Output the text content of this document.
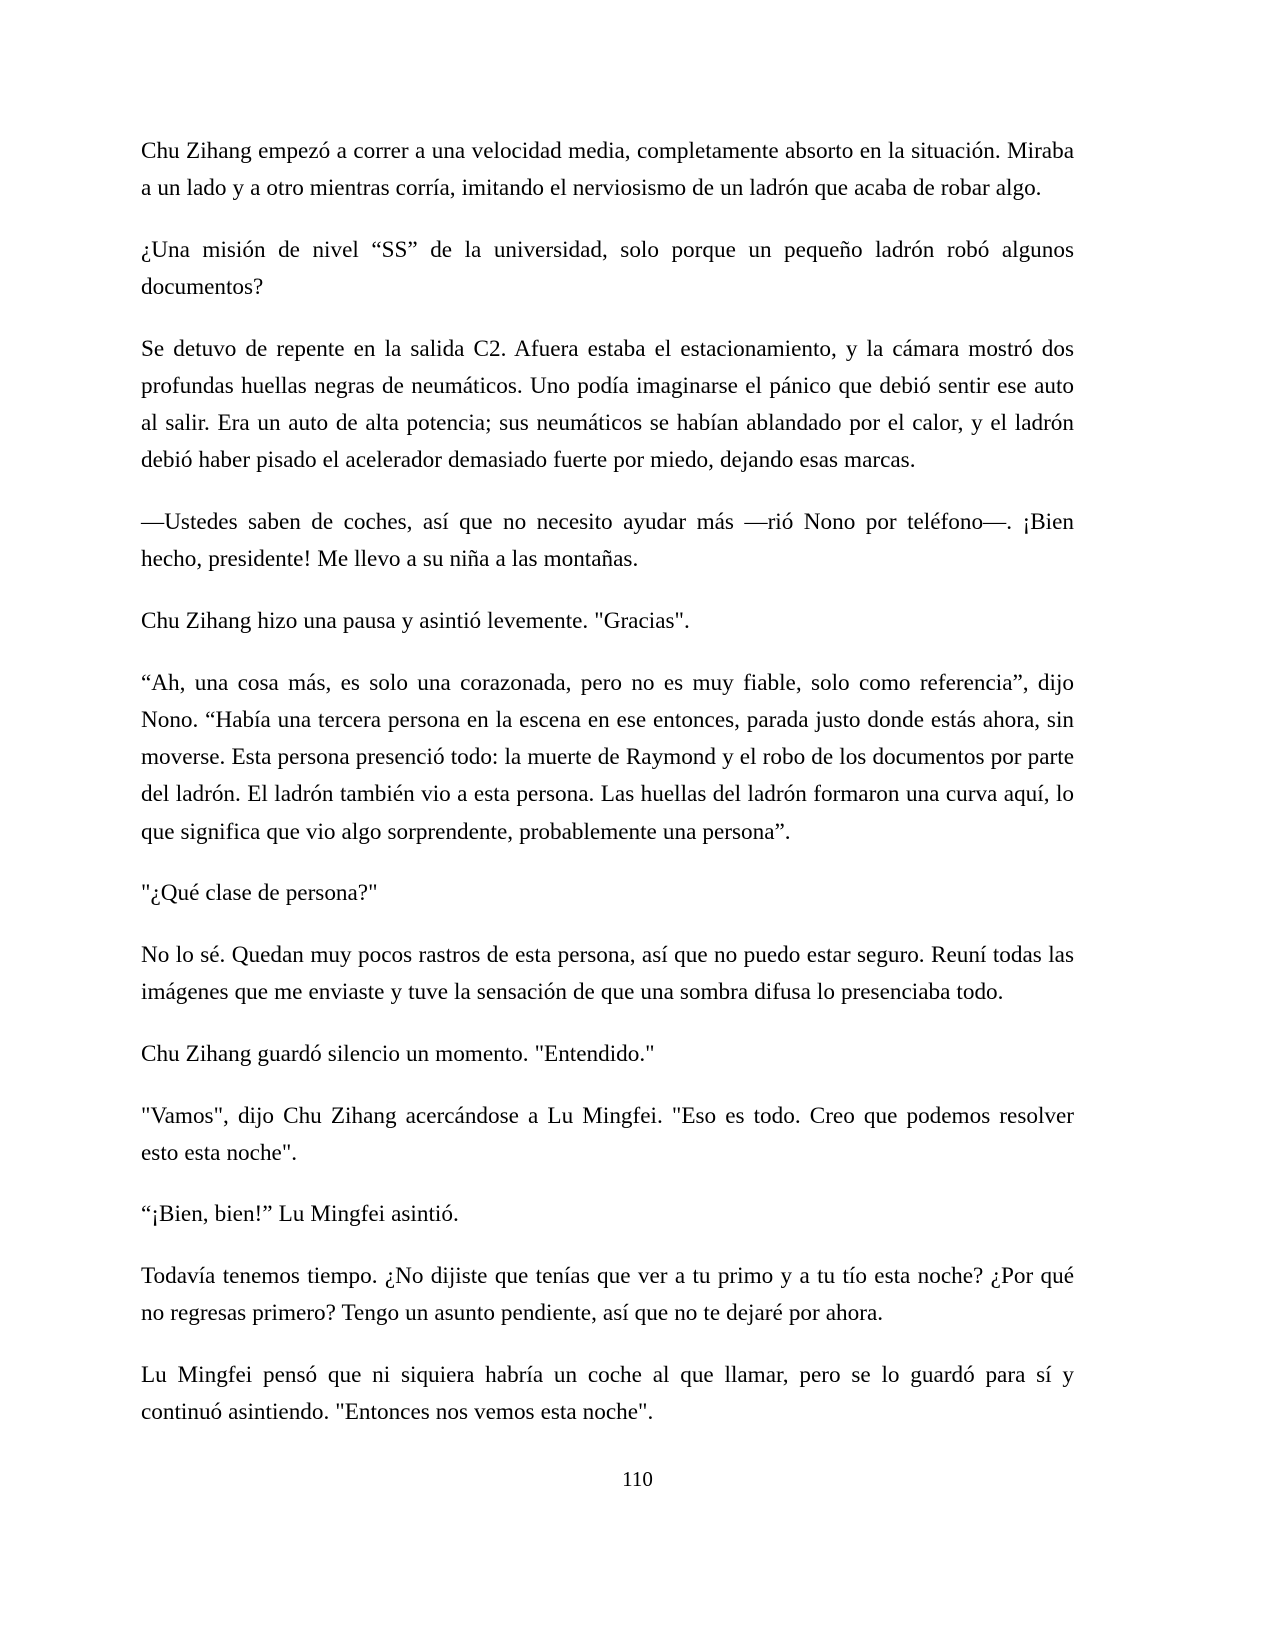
Chu Zihang empezó a correr a una velocidad media, completamente absorto en la situación. Miraba a un lado y a otro mientras corría, imitando el nerviosismo de un ladrón que acaba de robar algo.

¿Una misión de nivel “SS” de la universidad, solo porque un pequeño ladrón robó algunos documentos?

Se detuvo de repente en la salida C2. Afuera estaba el estacionamiento, y la cámara mostró dos profundas huellas negras de neumáticos. Uno podía imaginarse el pánico que debió sentir ese auto al salir. Era un auto de alta potencia; sus neumáticos se habían ablandado por el calor, y el ladrón debió haber pisado el acelerador demasiado fuerte por miedo, dejando esas marcas.

—Ustedes saben de coches, así que no necesito ayudar más —rió Nono por teléfono—. ¡Bien hecho, presidente! Me llevo a su niña a las montañas.

Chu Zihang hizo una pausa y asintió levemente. "Gracias".

“Ah, una cosa más, es solo una corazonada, pero no es muy fiable, solo como referencia”, dijo Nono. “Había una tercera persona en la escena en ese entonces, parada justo donde estás ahora, sin moverse. Esta persona presenció todo: la muerte de Raymond y el robo de los documentos por parte del ladrón. El ladrón también vio a esta persona. Las huellas del ladrón formaron una curva aquí, lo que significa que vio algo sorprendente, probablemente una persona”.

"¿Qué clase de persona?"

No lo sé. Quedan muy pocos rastros de esta persona, así que no puedo estar seguro. Reuní todas las imágenes que me enviaste y tuve la sensación de que una sombra difusa lo presenciaba todo.

Chu Zihang guardó silencio un momento. "Entendido."

"Vamos", dijo Chu Zihang acercándose a Lu Mingfei. "Eso es todo. Creo que podemos resolver esto esta noche".

“¡Bien, bien!” Lu Mingfei asintió.

Todavía tenemos tiempo. ¿No dijiste que tenías que ver a tu primo y a tu tío esta noche? ¿Por qué no regresas primero? Tengo un asunto pendiente, así que no te dejaré por ahora.

Lu Mingfei pensó que ni siquiera habría un coche al que llamar, pero se lo guardó para sí y continuó asintiendo. "Entonces nos vemos esta noche".

110
